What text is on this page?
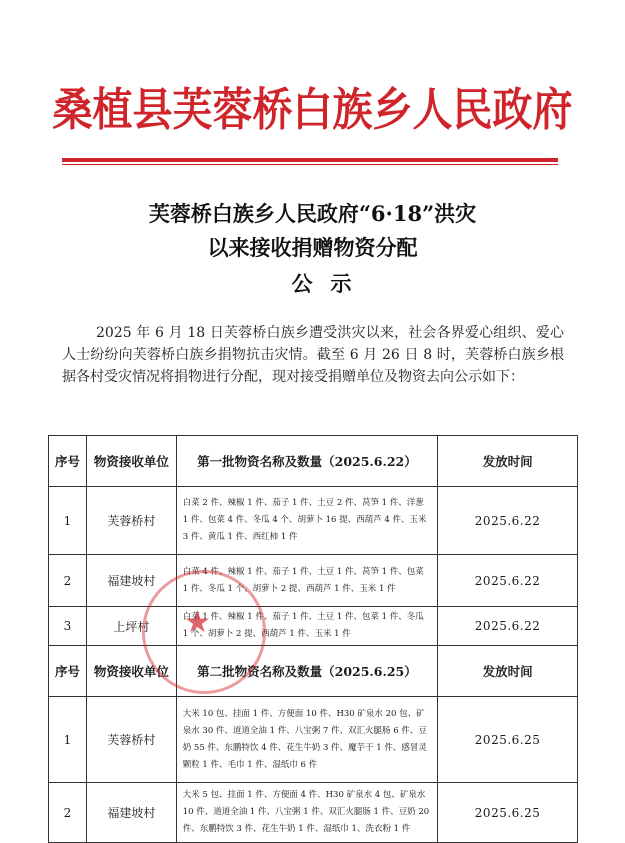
桑植县芙蓉桥白族乡人民政府
芙蓉桥白族乡人民政府“6·18”洪灾
以来接收捐赠物资分配
公示
2025 年 6 月 18 日芙蓉桥白族乡遭受洪灾以来，社会各界爱心组织、爱心人士纷纷向芙蓉桥白族乡捐物抗击灾情。截至 6 月 26 日 8 时，芙蓉桥白族乡根据各村受灾情况将捐物进行分配，现对接受捐赠单位及物资去向公示如下：
序号	物资接收单位	第一批物资名称及数量（2025.6.22）	发放时间
1	芙蓉桥村	白菜 2 件、辣椒 1 件、茄子 1 件、土豆 2 件、莴笋 1 件、洋葱 1 件、包菜 4 件、冬瓜 4 个、胡萝卜 16 提、西葫芦 4 件、玉米 3 件、黄瓜 1 件、西红柿 1 件	2025.6.22
2	福建坡村	白菜 4 件、辣椒 1 件、茄子 1 件、土豆 1 件、莴笋 1 件、包菜 1 件、冬瓜 1 个、胡萝卜 2 提、西葫芦 1 件、玉米 1 件	2025.6.22
3	上坪村	白菜 1 件、辣椒 1 件、茄子 1 件、土豆 1 件、包菜 1 件、冬瓜 1 个、胡萝卜 2 提、西葫芦 1 件、玉米 1 件	2025.6.22
序号	物资接收单位	第二批物资名称及数量（2025.6.25）	发放时间
1	芙蓉桥村	大米 10 包、挂面 1 件、方便面 10 件、H30 矿泉水 20 包、矿泉水 30 件、道道全油 1 件、八宝粥 7 件、双汇火腿肠 6 件、豆奶 55 件、东鹏特饮 4 件、花生牛奶 3 件、魔芋干 1 件、感冒灵颗粒 1 件、毛巾 1 件、湿纸巾 6 件	2025.6.25
2	福建坡村	大米 5 包、挂面 1 件、方便面 4 件、H30 矿泉水 4 包、矿泉水 10 件、道道全油 1 件、八宝粥 1 件、双汇火腿肠 1 件、豆奶 20 件、东鹏特饮 3 件、花生牛奶 1 件、湿纸巾 1、洗衣粉 1 件	2025.6.25
★
